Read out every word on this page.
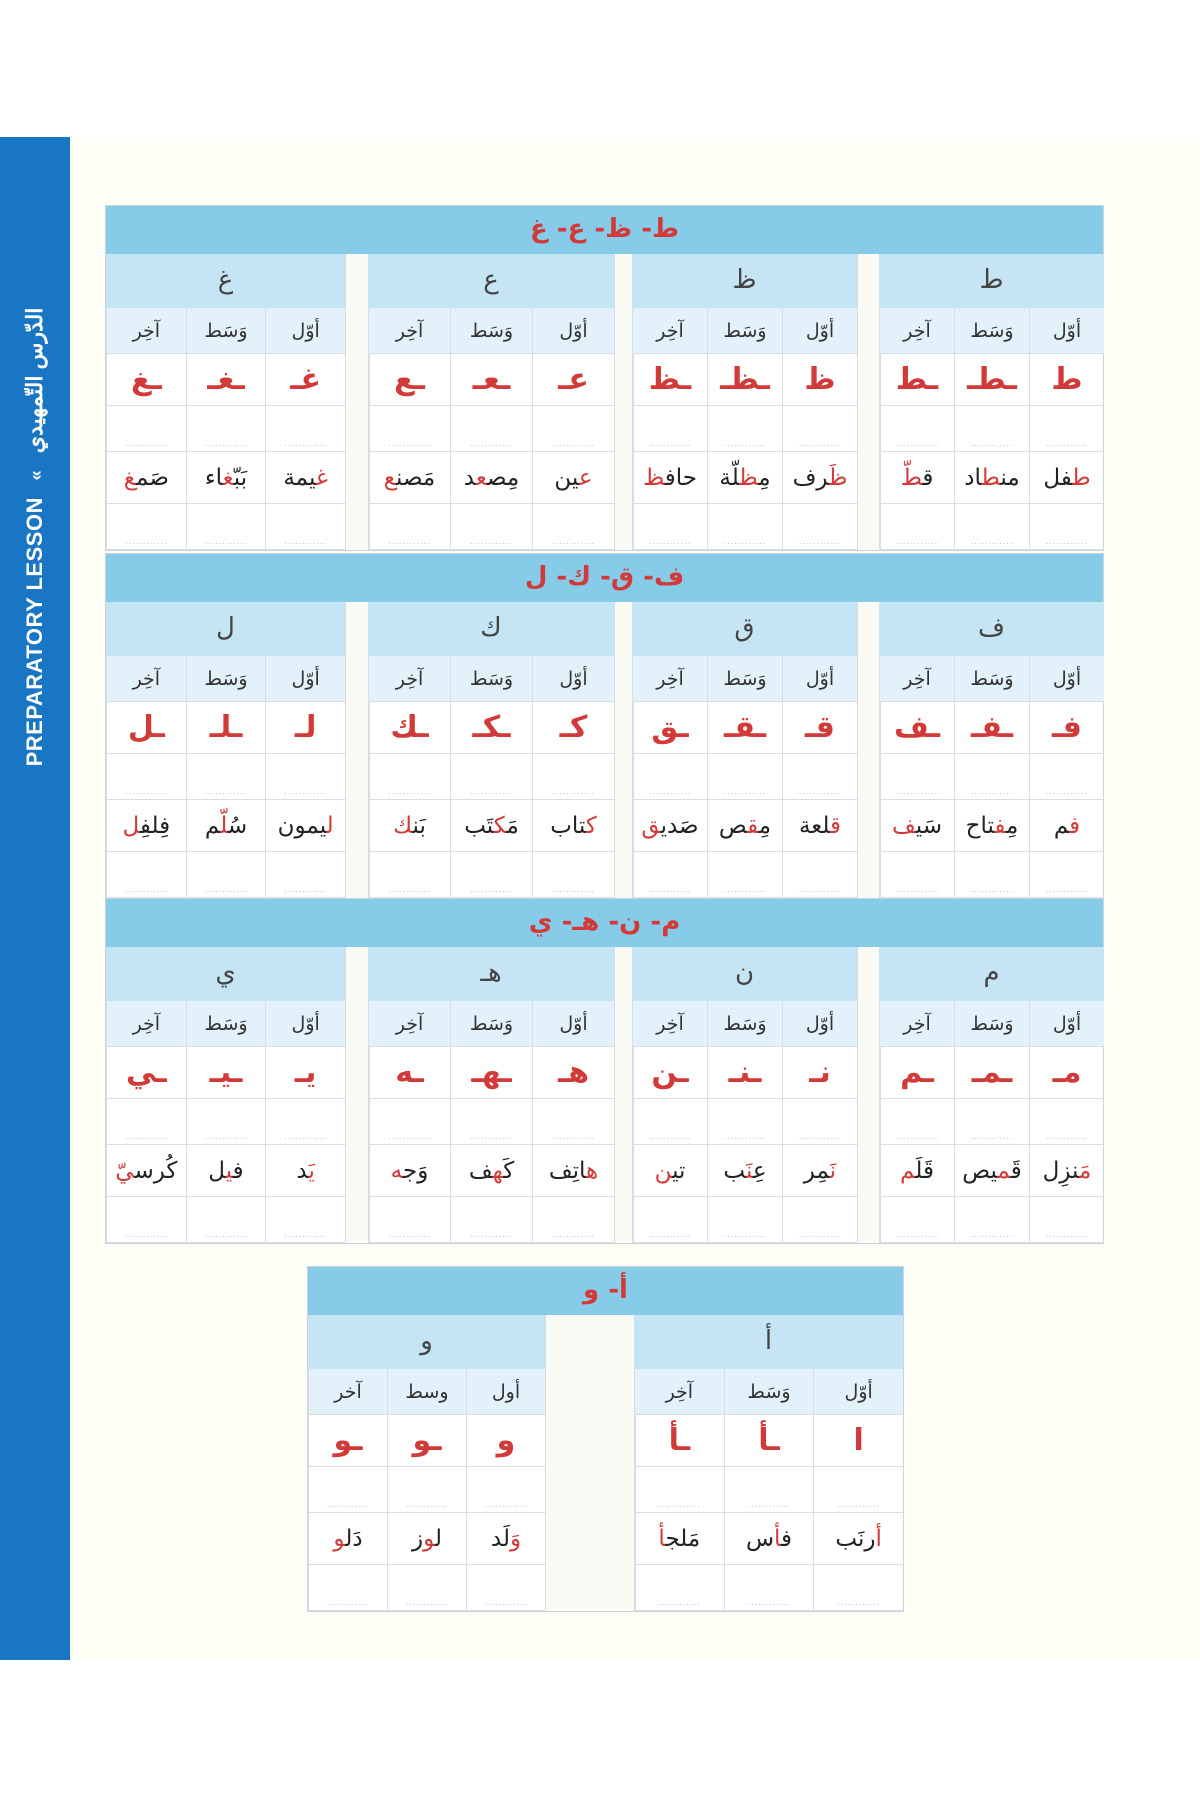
PREPARATORY LESSON « الدّرس التّمهيدي
١١
ط- ظ- ع- غ
ط
أوّل
وَسَط
آخِر
ط
ـطـ
ـط
.....
.....
.....
طفل
منطاد
قطّ
.....
.....
.....
ظ
أوّل
وَسَط
آخِر
ظ
ـظـ
ـظ
.....
.....
.....
ظَرف
مِظلّة
حافظ
.....
.....
.....
ع
أوّل
وَسَط
آخِر
عـ
ـعـ
ـع
.....
.....
.....
عين
مِصعد
مَصنع
.....
.....
.....
غ
أوّل
وَسَط
آخِر
غـ
ـغـ
ـغ
.....
.....
.....
غيمة
بَبّغاء
صَمغ
.....
.....
.....
ف- ق- ك- ل
ف
أوّل
وَسَط
آخِر
فـ
ـفـ
ـف
.....
.....
.....
فم
مِفتاح
سَيف
.....
.....
.....
ق
أوّل
وَسَط
آخِر
قـ
ـقـ
ـق
.....
.....
.....
قلعة
مِقص
صَديق
.....
.....
.....
ك
أوّل
وَسَط
آخِر
كـ
ـكـ
ـك
.....
.....
.....
كتاب
مَكتَب
بَنك
.....
.....
.....
ل
أوّل
وَسَط
آخِر
لـ
ـلـ
ـل
.....
.....
.....
ليمون
سُلّم
فِلفِل
.....
.....
.....
م- ن- هـ- ي
م
أوّل
وَسَط
آخِر
مـ
ـمـ
ـم
.....
.....
.....
مَنزِل
قَميص
قَلَم
.....
.....
.....
ن
أوّل
وَسَط
آخِر
نـ
ـنـ
ـن
.....
.....
.....
نَمِر
عِنَب
تين
.....
.....
.....
هـ
أوّل
وَسَط
آخِر
هـ
ـهـ
ـه
.....
.....
.....
هاتِف
كَهف
وَجه
.....
.....
.....
ي
أوّل
وَسَط
آخِر
يـ
ـيـ
ـي
.....
.....
.....
يَد
فيل
كُرسيّ
.....
.....
.....
أ- و
أ
أوّل
وَسَط
آخِر
ا
ـأ
ـأ
.....
.....
.....
أرنَب
فأس
مَلجأ
.....
.....
.....
و
أول
وسط
آخر
و
ـو
ـو
.....
.....
.....
وَلَد
لوز
دَلو
.....
.....
.....
